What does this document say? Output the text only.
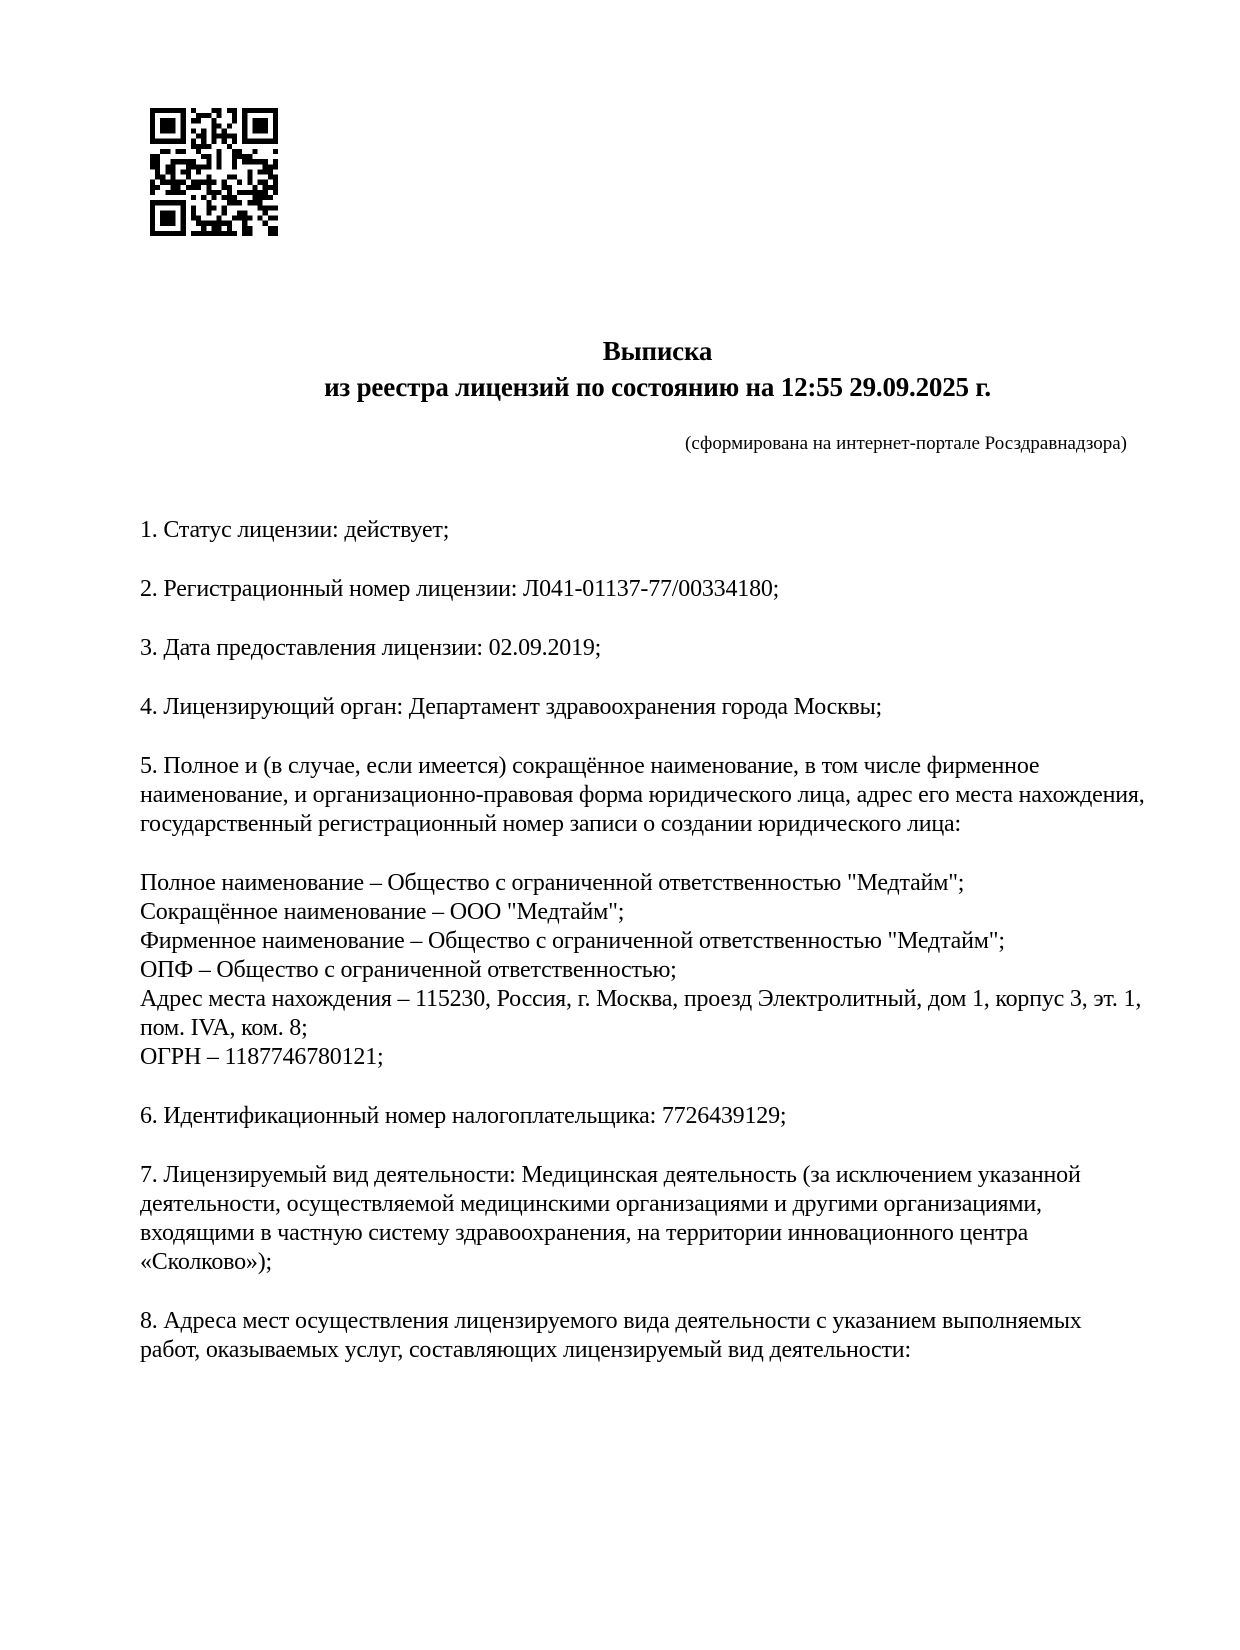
Выписка
из реестра лицензий по состоянию на 12:55 29.09.2025 г.
(сформирована на интернет-портале Росздравнадзора)

1. Статус лицензии: действует;

2. Регистрационный номер лицензии: Л041-01137-77/00334180;

3. Дата предоставления лицензии: 02.09.2019;

4. Лицензирующий орган: Департамент здравоохранения города Москвы;

5. Полное и (в случае, если имеется) сокращённое наименование, в том числе фирменное наименование, и организационно-правовая форма юридического лица, адрес его места нахождения, государственный регистрационный номер записи о создании юридического лица:

Полное наименование – Общество с ограниченной ответственностью "Медтайм";

Сокращённое наименование – ООО "Медтайм";

Фирменное наименование – Общество с ограниченной ответственностью "Медтайм";

ОПФ – Общество с ограниченной ответственностью;

Адрес места нахождения – 115230, Россия, г. Москва, проезд Электролитный, дом 1, корпус 3, эт. 1, пом. IVA, ком. 8;

ОГРН – 1187746780121;

6. Идентификационный номер налогоплательщика: 7726439129;

7. Лицензируемый вид деятельности: Медицинская деятельность (за исключением указанной деятельности, осуществляемой медицинскими организациями и другими организациями, входящими в частную систему здравоохранения, на территории инновационного центра «Сколково»);

8. Адреса мест осуществления лицензируемого вида деятельности с указанием выполняемых работ, оказываемых услуг, составляющих лицензируемый вид деятельности:
